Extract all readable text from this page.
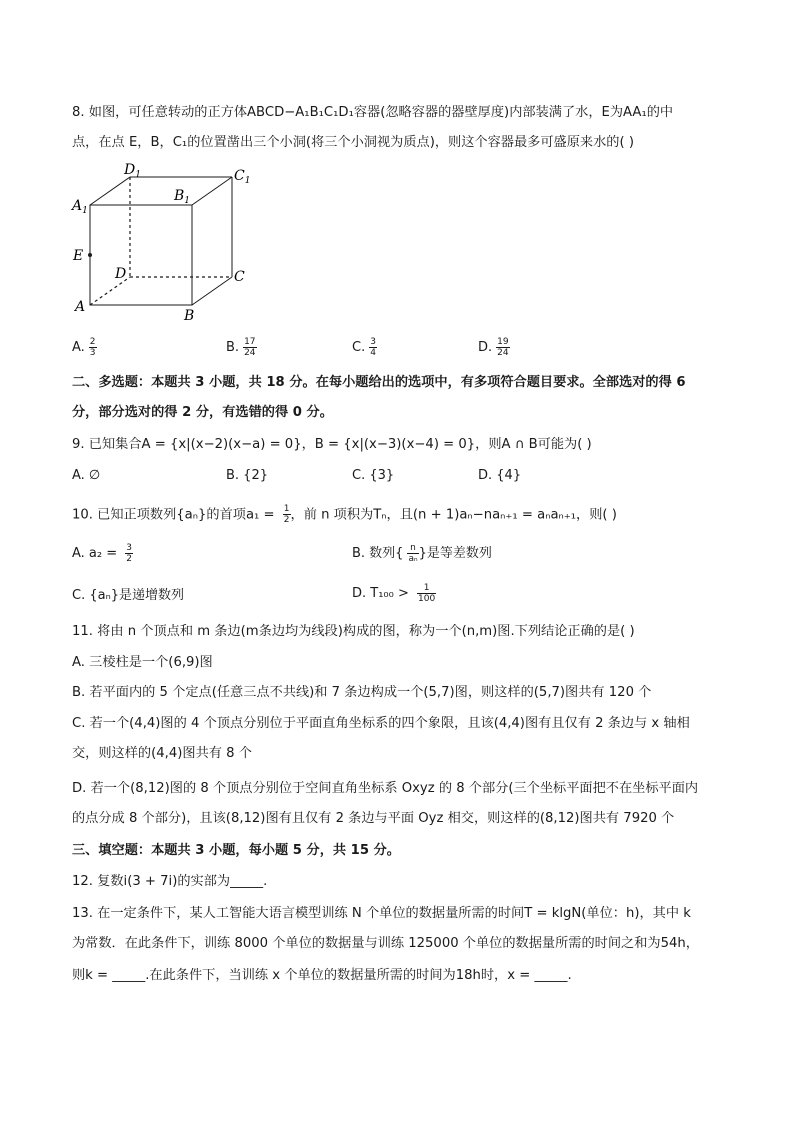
8. 如图，可任意转动的正方体ABCD−A₁B₁C₁D₁容器(忽略容器的器壁厚度)内部装满了水，E为AA₁的中
点，在点 E，B，C₁的位置凿出三个小洞(将三个小洞视为质点)，则这个容器最多可盛原来水的( )
$D_1$	$C_1$
$A_1$
$B_1$
E
D	C
A
B
A. $\frac{2}{3}$	B. $\frac{17}{24}$	C. $\frac{3}{4}$	D. $\frac{19}{24}$
二、多选题：本题共 3 小题，共 18 分。在每小题给出的选项中，有多项符合题目要求。全部选对的得 6
分，部分选对的得 2 分，有选错的得 0 分。
9. 已知集合A = {x|(x−2)(x−a) = 0}，B = {x|(x−3)(x−4) = 0}，则A ∩ B可能为( )
A. ∅	B. {2}	C. {3}	D. {4}
10. 已知正项数列{aₙ}的首项$a_1 = \frac{1}{2}$ ，前 n 项积为Tₙ，且(n + 1)aₙ−naₙ₊₁ = aₙaₙ₊₁，则( )
A. $a_2 = \frac{3}{2}$	B. 数列{ $\frac{n}{\text{aₙ}}$ }是等差数列
C. {aₙ}是递增数列	D. $T_{100} > \frac{1}{100}$
11. 将由 n 个顶点和 m 条边(m条边均为线段)构成的图，称为一个(n,m)图.下列结论正确的是( )
A. 三棱柱是一个(6,9)图
B. 若平面内的 5 个定点(任意三点不共线)和 7 条边构成一个(5,7)图，则这样的(5,7)图共有 120 个
C. 若一个(4,4)图的 4 个顶点分别位于平面直角坐标系的四个象限，且该(4,4)图有且仅有 2 条边与 x 轴相
交，则这样的(4,4)图共有 8 个
D. 若一个(8,12)图的 8 个顶点分别位于空间直角坐标系 Oxyz 的 8 个部分(三个坐标平面把不在坐标平面内
的点分成 8 个部分)，且该(8,12)图有且仅有 2 条边与平面 Oyz 相交，则这样的(8,12)图共有 7920 个
三、填空题：本题共 3 小题，每小题 5 分，共 15 分。
12. 复数i(3 + 7i)的实部为_____.
13. 在一定条件下，某人工智能大语言模型训练 N 个单位的数据量所需的时间T = klgN(单位：h)，其中 k
为常数．在此条件下，训练 8000 个单位的数据量与训练 125000 个单位的数据量所需的时间之和为54h，
则k = _____.在此条件下，当训练 x 个单位的数据量所需的时间为18h时，x = _____.
